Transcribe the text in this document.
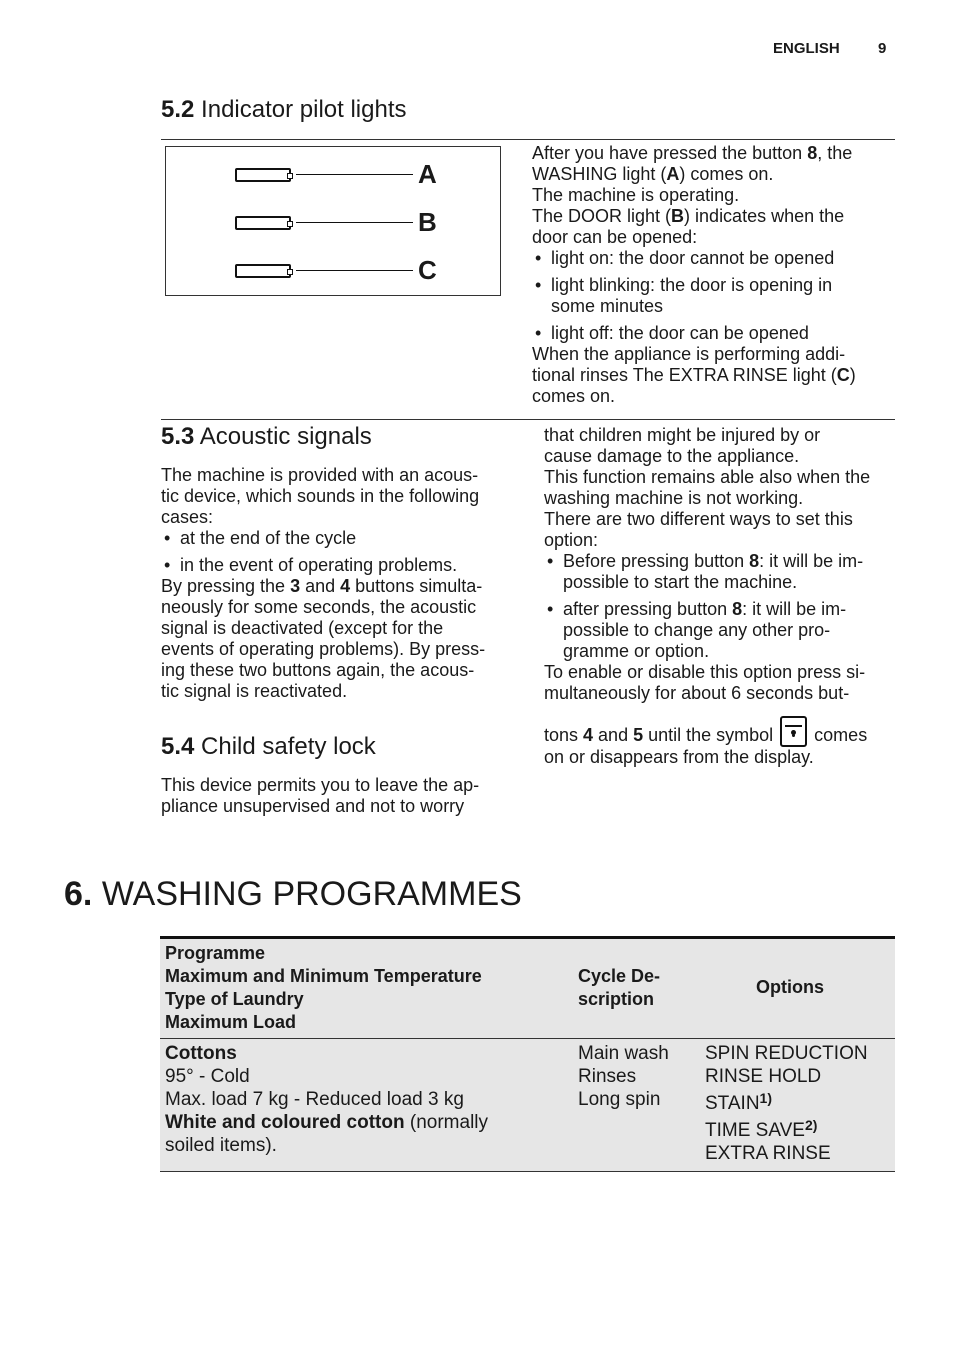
ENGLISH	9
5.2 Indicator pilot lights
A
B
C
After you have pressed the button 8, the
WASHING light (A) comes on.
The machine is operating.
The DOOR light (B) indicates when the
door can be opened:
• light on: the door cannot be opened
• light blinking: the door is opening in
some minutes
• light off: the door can be opened
When the appliance is performing addi-
tional rinses The EXTRA RINSE light (C)
comes on.
5.3 Acoustic signals
The machine is provided with an acous-
tic device, which sounds in the following
cases:
• at the end of the cycle
• in the event of operating problems.
By pressing the 3 and 4 buttons simulta-
neously for some seconds, the acoustic
signal is deactivated (except for the
events of operating problems). By press-
ing these two buttons again, the acous-
tic signal is reactivated.
5.4 Child safety lock
This device permits you to leave the ap-
pliance unsupervised and not to worry
that children might be injured by or
cause damage to the appliance.
This function remains able also when the
washing machine is not working.
There are two different ways to set this
option:
• Before pressing button 8: it will be im-
possible to start the machine.
• after pressing button 8: it will be im-
possible to change any other pro-
gramme or option.
To enable or disable this option press si-
multaneously for about 6 seconds but-
tons 4 and 5 until the symbol  comes
on or disappears from the display.
6. WASHING PROGRAMMES
Programme
Maximum and Minimum Temperature
Type of Laundry
Maximum Load
Cycle De-
scription
Options
Cottons
95° - Cold
Max. load 7 kg - Reduced load 3 kg
White and coloured cotton (normally
soiled items).
Main wash
Rinses
Long spin
SPIN REDUCTION
RINSE HOLD
STAIN$^{1)}$
TIME SAVE$^{2)}$
EXTRA RINSE
